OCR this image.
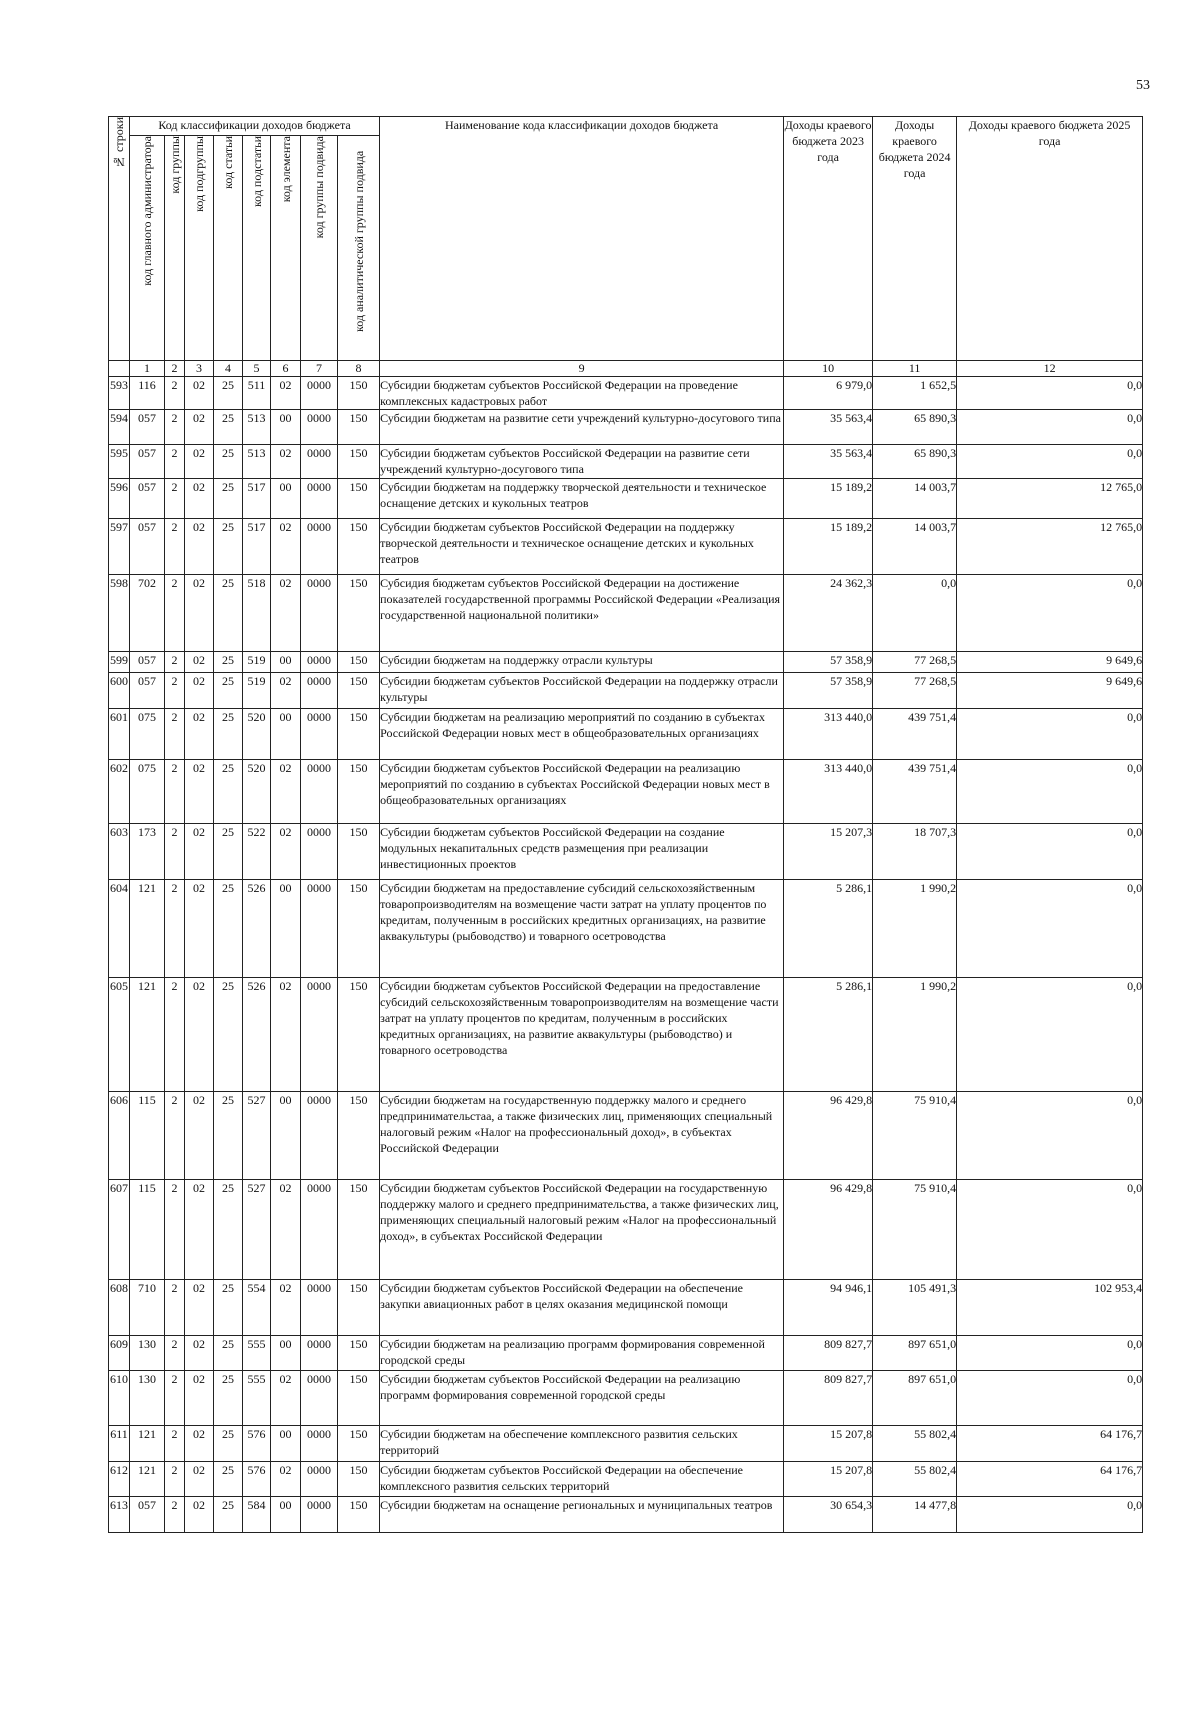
53
№ строки	Код классификации доходов бюджета								Наименование кода классификации доходов бюджета	Доходы краевого бюджета 2023 года	Доходы краевого бюджета 2024 года	Доходы краевого бюджета 2025 года

	код главного администратора	код группы	код подгруппы	код статьи	код подстатьи	код элемента	код группы подвида	код аналитической группы подвида				

	1	2	3	4	5	6	7	8	9	10	11	12
593	116	2	02	25	511	02	0000	150	Субсидии бюджетам субъектов Российской Федерации на проведение комплексных кадастровых работ	6 979,0	1 652,5	0,0
594	057	2	02	25	513	00	0000	150	Субсидии бюджетам на развитие сети учреждений культурно-досугового типа	35 563,4	65 890,3	0,0
595	057	2	02	25	513	02	0000	150	Субсидии бюджетам субъектов Российской Федерации на развитие сети учреждений культурно-досугового типа	35 563,4	65 890,3	0,0
596	057	2	02	25	517	00	0000	150	Субсидии бюджетам на поддержку творческой деятельности и техническое оснащение детских и кукольных театров	15 189,2	14 003,7	12 765,0
597	057	2	02	25	517	02	0000	150	Субсидии бюджетам субъектов Российской Федерации на поддержку творческой деятельности и техническое оснащение детских и кукольных театров	15 189,2	14 003,7	12 765,0
598	702	2	02	25	518	02	0000	150	Субсидия бюджетам субъектов Российской Федерации на достижение показателей государственной программы Российской Федерации «Реализация государственной национальной политики»	24 362,3	0,0	0,0
599	057	2	02	25	519	00	0000	150	Субсидии бюджетам на поддержку отрасли культуры	57 358,9	77 268,5	9 649,6
600	057	2	02	25	519	02	0000	150	Субсидии бюджетам субъектов Российской Федерации на поддержку отрасли культуры	57 358,9	77 268,5	9 649,6
601	075	2	02	25	520	00	0000	150	Субсидии бюджетам на реализацию мероприятий по созданию в субъектах Российской Федерации новых мест в общеобразовательных организациях	313 440,0	439 751,4	0,0
602	075	2	02	25	520	02	0000	150	Субсидии бюджетам субъектов Российской Федерации на реализацию мероприятий по созданию в субъектах Российской Федерации новых мест в общеобразовательных организациях	313 440,0	439 751,4	0,0
603	173	2	02	25	522	02	0000	150	Субсидии бюджетам субъектов Российской Федерации на создание модульных некапитальных средств размещения при реализации инвестиционных проектов	15 207,3	18 707,3	0,0
604	121	2	02	25	526	00	0000	150	Субсидии бюджетам на предоставление субсидий сельскохозяйственным товаропроизводителям на возмещение части затрат на уплату процентов по кредитам, полученным в российских кредитных организациях, на развитие аквакультуры (рыбоводство) и товарного осетроводства	5 286,1	1 990,2	0,0
605	121	2	02	25	526	02	0000	150	Субсидии бюджетам субъектов Российской Федерации на предоставление субсидий сельскохозяйственным товаропроизводителям на возмещение части затрат на уплату процентов по кредитам, полученным в российских кредитных организациях, на развитие аквакультуры (рыбоводство) и товарного осетроводства	5 286,1	1 990,2	0,0
606	115	2	02	25	527	00	0000	150	Субсидии бюджетам на государственную поддержку малого и среднего предпринимательстаа, а также физических лиц, применяющих специальный налоговый режим «Налог на профессиональный доход», в субъектах Российской Федерации	96 429,8	75 910,4	0,0
607	115	2	02	25	527	02	0000	150	Субсидии бюджетам субъектов Российской Федерации на государственную поддержку малого и среднего предпринимательства, а также физических лиц, применяющих специальный налоговый режим «Налог на профессиональный доход», в субъектах Российской Федерации	96 429,8	75 910,4	0,0
608	710	2	02	25	554	02	0000	150	Субсидии бюджетам субъектов Российской Федерации на обеспечение закупки авиационных работ в целях оказания медицинской помощи	94 946,1	105 491,3	102 953,4
609	130	2	02	25	555	00	0000	150	Субсидии бюджетам на реализацию программ формирования современной городской среды	809 827,7	897 651,0	0,0
610	130	2	02	25	555	02	0000	150	Субсидии бюджетам субъектов Российской Федерации на реализацию программ формирования современной городской среды	809 827,7	897 651,0	0,0
611	121	2	02	25	576	00	0000	150	Субсидии бюджетам на обеспечение комплексного развития сельских территорий	15 207,8	55 802,4	64 176,7
612	121	2	02	25	576	02	0000	150	Субсидии бюджетам субъектов Российской Федерации на обеспечение комплексного развития сельских территорий	15 207,8	55 802,4	64 176,7
613	057	2	02	25	584	00	0000	150	Субсидии бюджетам на оснащение региональных и муниципальных театров	30 654,3	14 477,8	0,0
